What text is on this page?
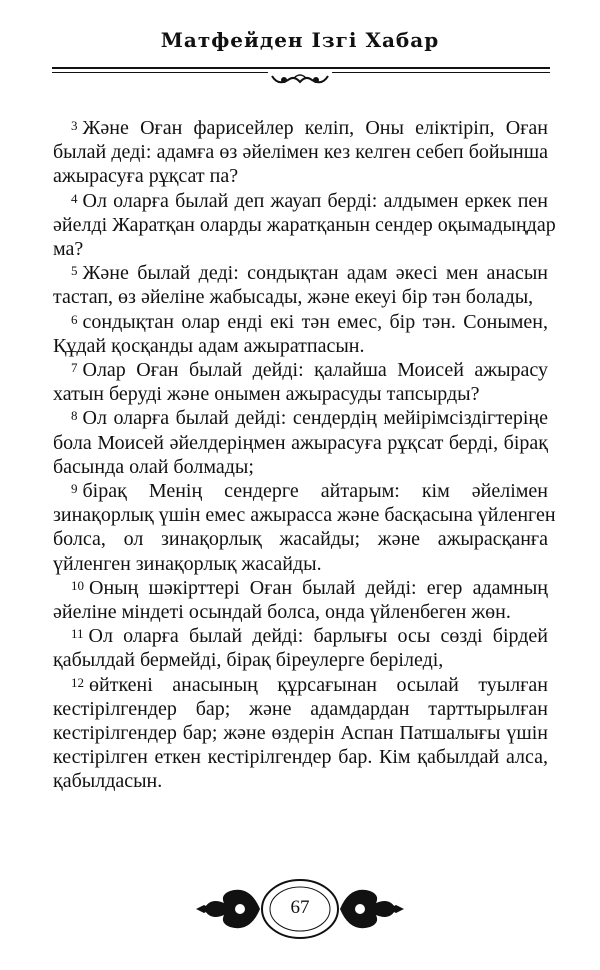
Матфейден Ізгі Хабар
$^3$ Және Оған фарисейлер келіп, Оны еліктіріп, Оған
былай деді: адамға өз әйелімен кез келген себеп бойынша
ажырасуға рұқсат па?
$^4$ Ол оларға былай деп жауап берді: алдымен еркек пен
әйелді Жаратқан оларды жаратқанын сендер оқымадыңдар
ма?
$^5$ Және былай деді: сондықтан адам әкесі мен анасын
тастап, өз әйеліне жабысады, және екеуі бір тән болады,
$^6$ сондықтан олар енді екі тән емес, бір тән. Сонымен,
Құдай қосқанды адам ажыратпасын.
$^7$ Олар Оған былай дейді: қалайша Моисей ажырасу
хатын беруді және онымен ажырасуды тапсырды?
$^8$ Ол оларға былай дейді: сендердің мейірімсіздігтеріңе
бола Моисей әйелдеріңмен ажырасуға рұқсат берді, бірақ
басында олай болмады;
$^9$ бірақ Менің сендерге айтарым: кім әйелімен
зинақорлық үшін емес ажырасса және басқасына үйленген
болса, ол зинақорлық жасайды; және ажырасқанға
үйленген зинақорлық жасайды.
$^{10}$ Оның шәкірттері Оған былай дейді: егер адамның
әйеліне міндеті осындай болса, онда үйленбеген жөн.
$^{11}$ Ол оларға былай дейді: барлығы осы сөзді бірдей
қабылдай бермейді, бірақ біреулерге беріледі,
$^{12}$ өйткені анасының құрсағынан осылай туылған
кестірілгендер бар; және адамдардан тарттырылған
кестірілгендер бар; және өздерін Аспан Патшалығы үшін
кестірілген еткен кестірілгендер бар. Кім қабылдай алса,
қабылдасын.
67
